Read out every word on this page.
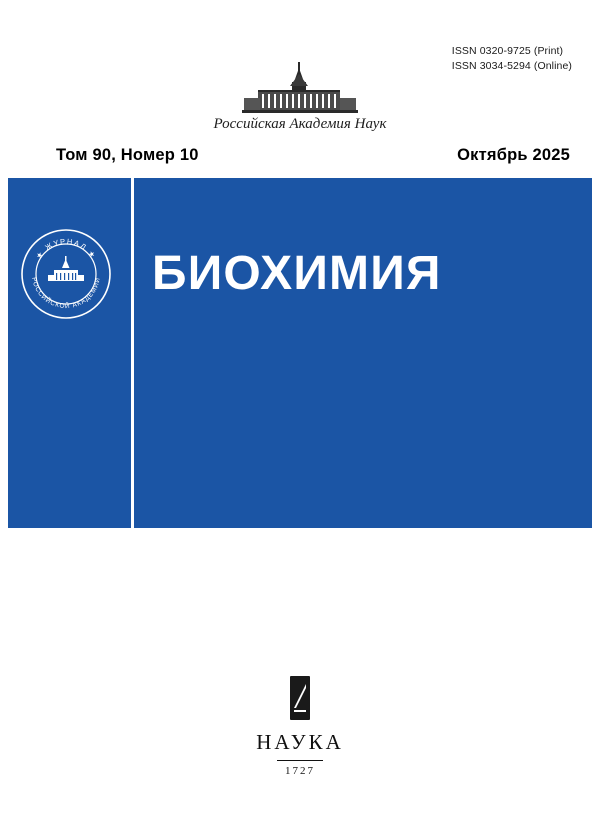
ISSN 0320-9725 (Print)
ISSN 3034-5294 (Online)
Российская Академия Наук
Том 90, Номер 10	Октябрь 2025
★ ЖУРНАЛ ★
РОССИЙСКОЙ АКАДЕМИИ БИОХИМИЯ
НАУКА
1727
